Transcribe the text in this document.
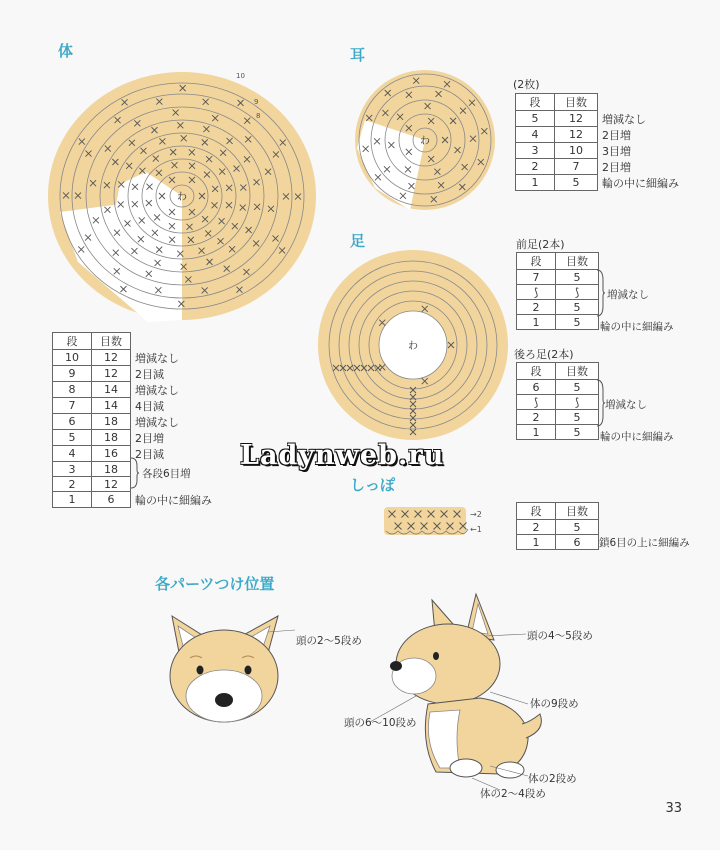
体	耳
足
しっぽ
各パーツつけ位置
わ
10
9
8
わ
(2枚)
段	目数	
5	12	増減なし
4	12	2目増
3	10	3目増
2	7	2目増
1	5	輪の中に細編み
わ
前足(2本)
段	目数
7	5
⟆	⟆
2	5
1	5
増減なし
輪の中に細編み
後ろ足(2本)
段	目数
6	5
⟆	⟆
2	5
1	5
増減なし
輪の中に細編み
段	目数	
10	12	増減なし
9	12	2目減
8	14	増減なし
7	14	4目減
6	18	増減なし
5	18	2目増
4	16	2目減
3	18	
2	12	
1	6	輪の中に細編み
各段6目増
Ladynweb.ru
→2
←1
段	目数
2	5
1	6 鎖6目の上に細編み
頭の2〜5段め	頭の4〜5段め
体の9段め
頭の6〜10段め
体の2段め
体の2〜4段め
33
